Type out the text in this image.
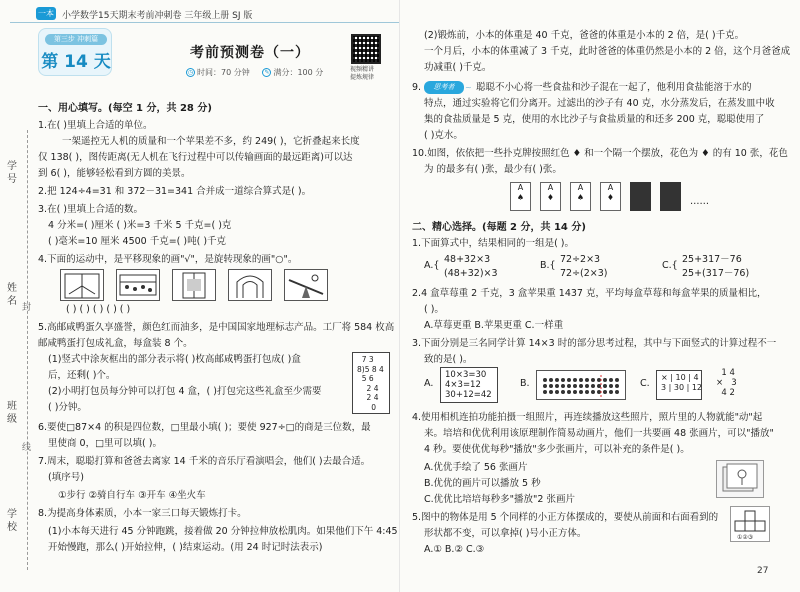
一本 小学数学15天期末考前冲刺卷 三年级上册 SJ 版
学号
姓名
班级
学校
封
线
第三步 冲刺篇
第 14 天	考前预测卷（一）
◷ 时间：70 分钟 ✎ 满分：100 分	视频精讲
提炼规律
一、用心填写。(每空 1 分，共 28 分)
1.在( )里填上合适的单位。
一架遥控无人机的质量和一个苹果差不多，约 249( )，它折叠起来长度
仅 138( )，图传距离(无人机在飞行过程中可以传输画面的最远距离)可以达
到 6( )，能够轻松看到方圆的美景。
2.把 124÷4=31 和 372－31=341 合并成一道综合算式是( )。
3.在( )里填上合适的数。
4 分米=( )厘米 ( )米=3 千米 5 千克=( )克
( )毫米=10 厘米 4500 千克=( )吨( )千克
4.下面的运动中，是平移现象的画"√"，是旋转现象的画"○"。
( ) ( ) ( ) ( ) ( )
5.高邮咸鸭蛋久享盛誉，颜色红而油多，是中国国家地理标志产品。工厂将 584 枚高
邮咸鸭蛋打包成礼盒，每盒装 8 个。
(1)竖式中涂灰框出的部分表示将( )枚高邮咸鸭蛋打包成( )盒
后，还剩( )个。
(2)小明打包员每分钟可以打包 4 盒，( )打包完这些礼盒至少需要
( )分钟。
7 3
8)5 8 4
5 6
2 4
2 4
0
6.要使□87×4 的积是四位数，□里最小填( )；要使 927÷□的商是三位数，最
里使商 0，□里可以填( )。
7.周末，聪聪打算和爸爸去离家 14 千米的音乐厅看演唱会，他们( )去最合适。
(填序号)
①步行 ②骑自行车 ③开车 ④坐火车
8.为提高身体素质，小本一家三口每天锻炼打卡。
(1)小本每天进行 45 分钟跑跳，接着做 20 分钟拉伸放松肌肉。如果他们下午 4:45
开始慢跑，那么( )开始拉伸，( )结束运动。(用 24 时记时法表示)
(2)锻炼前，小本的体重是 40 千克，爸爸的体重是小本的 2 倍，是( )千克。
一个月后，小本的体重减了 3 千克，此时爸爸的体重仍然是小本的 2 倍，这个月爸爸成
功减重( )千克。
9.	思考者	~ 聪聪不小心将一些食盐和沙子混在一起了，他利用食盐能溶于水的
特点，通过实验将它们分离开。过滤出的沙子有 40 克，水分蒸发后，在蒸发皿中收
集的食盐质量是 5 克，使用的水比沙子与食盐质量的和还多 200 克，聪聪使用了
( )克水。
10.如图，依依把一些扑克牌按照红色 ♦ 和一个隔一个摆放，花色为 ♦ 的有 10 张，花色
为 的最多有( )张，最少有( )张。
A
♠
A
♦
A
♠
A
♦	……
二、精心选择。(每题 2 分，共 14 分)
1.下面算式中，结果相同的一组是( )。
A.{
48+32×3
(48+32)×3
B.{
72÷2×3
72÷(2×3)
C.{
25+317－76
25+(317－76)
2.4 盒草莓重 2 千克，3 盒苹果重 1437 克，平均每盒草莓和每盒苹果的质量相比，
( )。
A.草莓更重 B.苹果更重 C.一样重
3.下面分别是三名同学计算 14×3 时的部分思考过程，其中与下面竖式的计算过程不一
致的是( )。
A.
10×3=30
4×3=12
30+12=42
B.	C.
× | 10 | 4
3 | 30 | 12
1 4
×   3
4 2
4.使用相机连拍功能拍摄一组照片，再连续播放这些照片，照片里的人物就能"动"起
来。培培和优优利用该原理制作简易动画片，他们一共要画 48 张画片，可以"播放"
4 秒。要使优优每秒"播放"多少张画片，可以补充的条件是( )。
A.优优手绘了 56 张画片
B.优优的画片可以播放 5 秒
C.优优比培培每秒多"播放"2 张画片
5.图中的物体是用 5 个同样的小正方体摆成的，要使从前面和右面看到的
形状都不变，可以拿掉( )号小正方体。
A.① B.② C.③
①②③
27
